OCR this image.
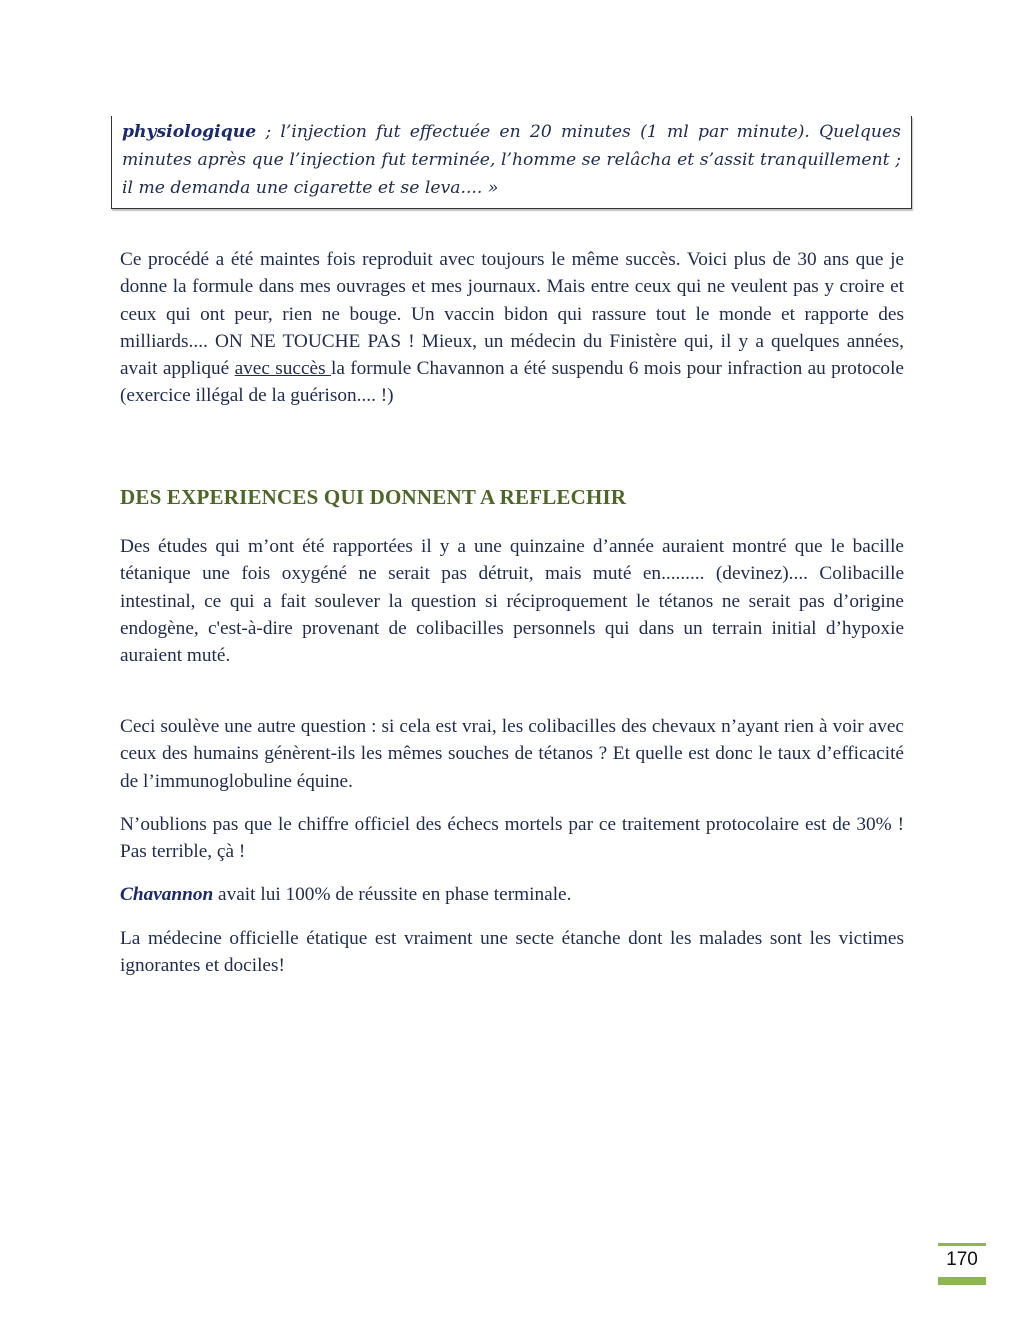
physiologique ; l’injection fut effectuée en 20 minutes (1 ml par minute). Quelques minutes après que l’injection fut terminée, l’homme se relâcha et s’assit tranquillement ; il me demanda une cigarette et se leva.... »

Ce procédé a été maintes fois reproduit avec toujours le même succès. Voici plus de 30 ans que je donne la formule dans mes ouvrages et mes journaux. Mais entre ceux qui ne veulent pas y croire et ceux qui ont peur, rien ne bouge. Un vaccin bidon qui rassure tout le monde et rapporte des milliards.... ON NE TOUCHE PAS ! Mieux, un médecin du Finistère qui, il y a quelques années, avait appliqué avec succès la formule Chavannon a été suspendu 6 mois pour infraction au protocole (exercice illégal de la guérison.... !)

DES EXPERIENCES QUI DONNENT A REFLECHIR

Des études qui m’ont été rapportées il y a une quinzaine d’année auraient montré que le bacille tétanique une fois oxygéné ne serait pas détruit, mais muté en......... (devinez).... Colibacille intestinal, ce qui a fait soulever la question si réciproquement le tétanos ne serait pas d’origine endogène, c'est-à-dire provenant de colibacilles personnels qui dans un terrain initial d’hypoxie auraient muté.

Ceci soulève une autre question : si cela est vrai, les colibacilles des chevaux n’ayant rien à voir avec ceux des humains génèrent-ils les mêmes souches de tétanos ? Et quelle est donc le taux d’efficacité de l’immunoglobuline équine.

N’oublions pas que le chiffre officiel des échecs mortels par ce traitement protocolaire est de 30% ! Pas terrible, çà !

Chavannon avait lui 100% de réussite en phase terminale.

La médecine officielle étatique est vraiment une secte étanche dont les malades sont les victimes ignorantes et dociles!

170
